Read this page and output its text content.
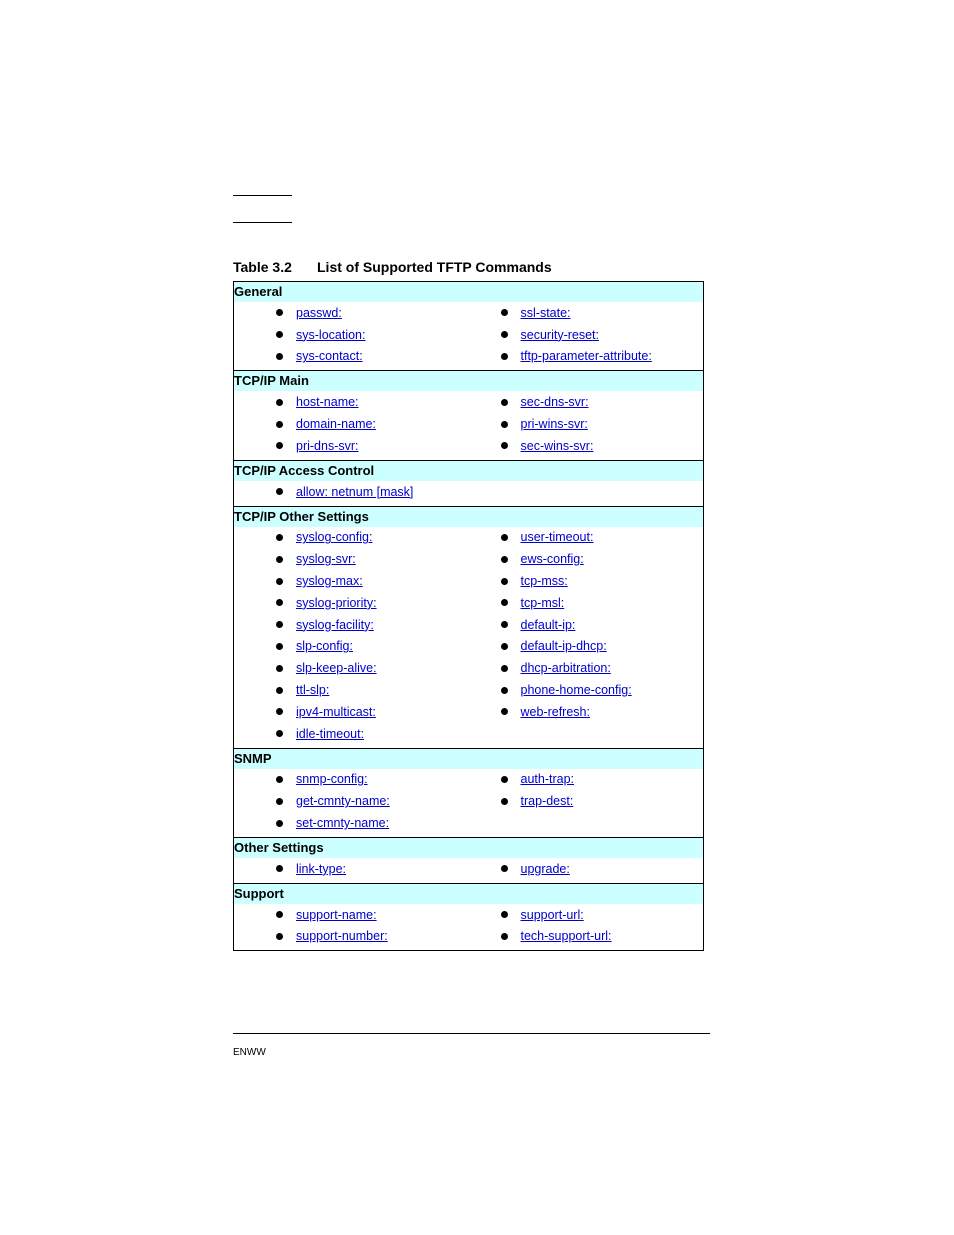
Table 3.2 List of Supported TFTP Commands
General	

passwd:	ssl-state:

sys-location:	security-reset:

sys-contact:	tftp-parameter-attribute:

TCP/IP Main	

host-name:	sec-dns-svr:

domain-name:	pri-wins-svr:

pri-dns-svr:	sec-wins-svr:

TCP/IP Access Control	

allow: netnum [mask]	

TCP/IP Other Settings	

syslog-config:	user-timeout:

syslog-svr:	ews-config:

syslog-max:	tcp-mss:

syslog-priority:	tcp-msl:

syslog-facility:	default-ip:

slp-config:	default-ip-dhcp:

slp-keep-alive:	dhcp-arbitration:

ttl-slp:	phone-home-config:

ipv4-multicast:	web-refresh:

idle-timeout:	

SNMP	

snmp-config:	auth-trap:

get-cmnty-name:	trap-dest:

set-cmnty-name:	

Other Settings	

link-type:	upgrade:

Support	

support-name:	support-url:

support-number:	tech-support-url:

ENWW
